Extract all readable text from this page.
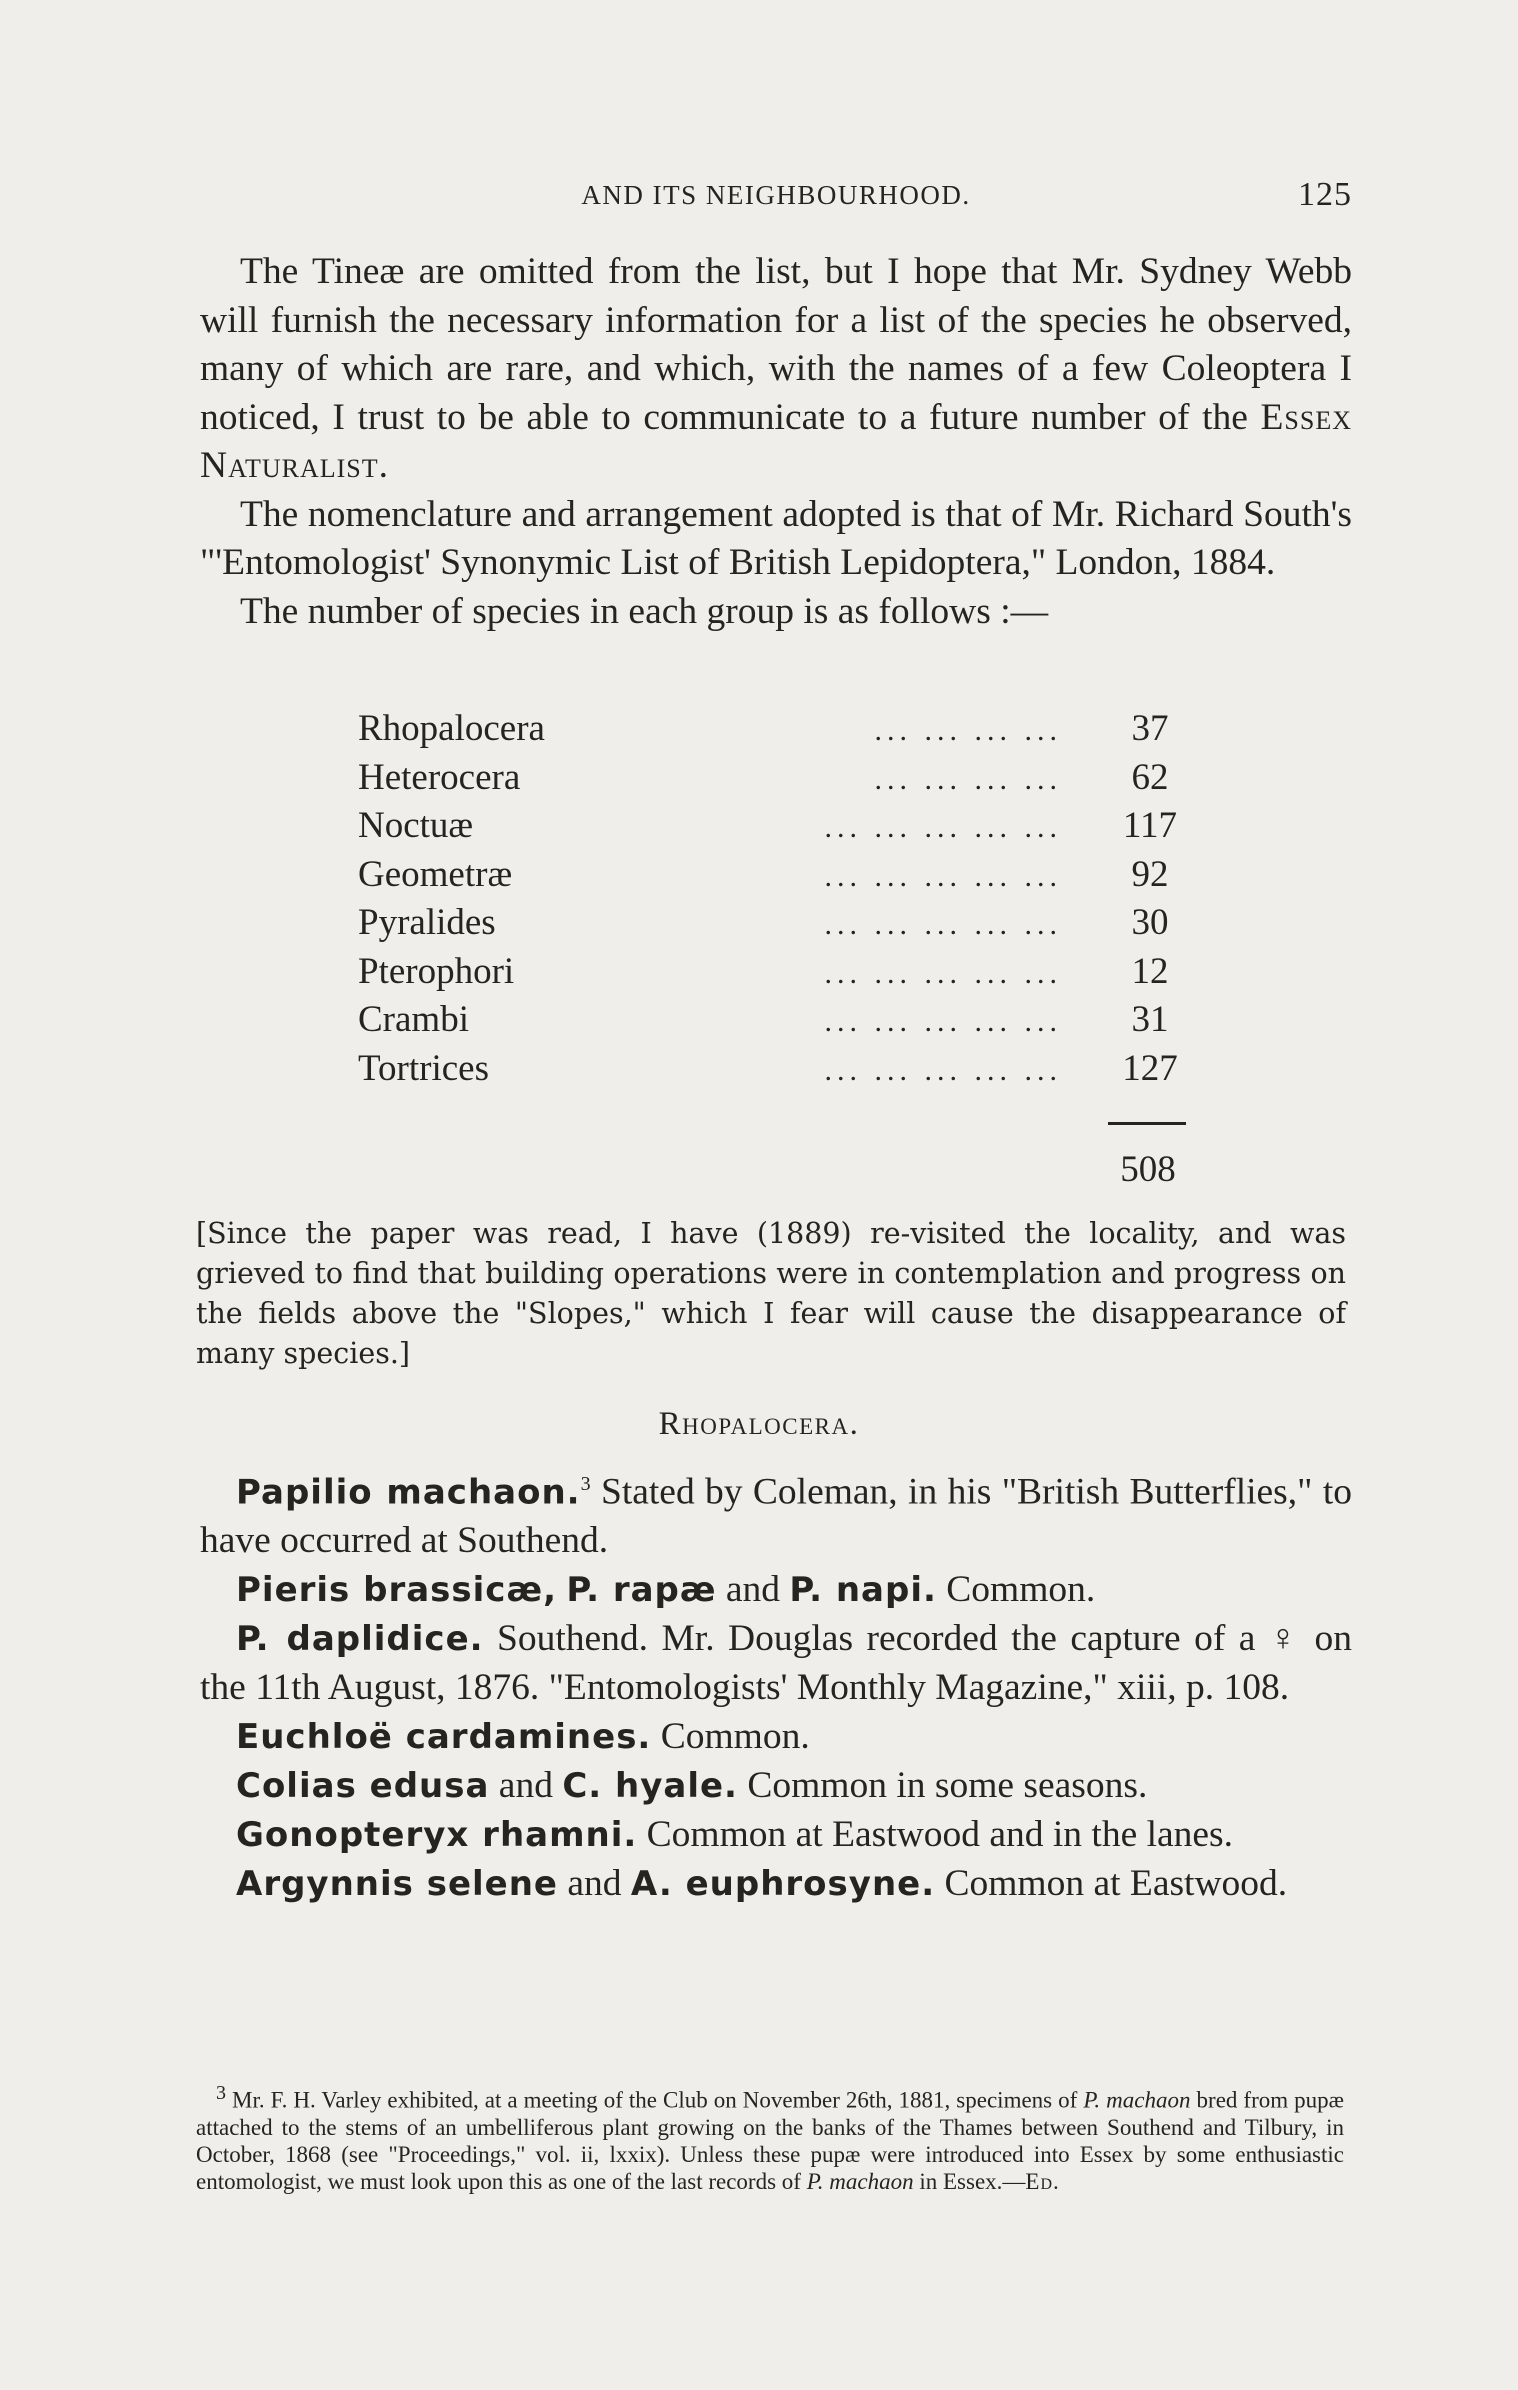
AND ITS NEIGHBOURHOOD.	125

The Tineæ are omitted from the list, but I hope that Mr. Sydney Webb will furnish the necessary information for a list of the species he observed, many of which are rare, and which, with the names of a few Coleoptera I noticed, I trust to be able to communicate to a future number of the Essex Naturalist.

The nomenclature and arrangement adopted is that of Mr. Richard South's "'Entomologist' Synonymic List of British Lepidoptera," London, 1884.

The number of species in each group is as follows :—

Rhopalocera	... ... ... ...	37
Heterocera	... ... ... ...	62
Noctuæ	... ... ... ... ...	117
Geometræ	... ... ... ... ...	92
Pyralides	... ... ... ... ...	30
Pterophori	... ... ... ... ...	12
Crambi	... ... ... ... ...	31
Tortrices	... ... ... ... ...	127
508

[Since the paper was read, I have (1889) re-visited the locality, and was grieved to find that building operations were in contemplation and progress on the fields above the "Slopes," which I fear will cause the disappearance of many species.]

Rhopalocera.

Papilio machaon.$^3$ Stated by Coleman, in his "British Butterflies," to have occurred at Southend.

Pieris brassicæ, P. rapæ and P. napi. Common.

P. daplidice. Southend. Mr. Douglas recorded the capture of a ♀ on the 11th August, 1876. "Entomologists' Monthly Magazine," xiii, p. 108.

Euchloë cardamines. Common.

Colias edusa and C. hyale. Common in some seasons.

Gonopteryx rhamni. Common at Eastwood and in the lanes.

Argynnis selene and A. euphrosyne. Common at Eastwood.

3 Mr. F. H. Varley exhibited, at a meeting of the Club on November 26th, 1881, specimens of P. machaon bred from pupæ attached to the stems of an umbelliferous plant growing on the banks of the Thames between Southend and Tilbury, in October, 1868 (see "Proceedings," vol. ii, lxxix). Unless these pupæ were introduced into Essex by some enthusiastic entomologist, we must look upon this as one of the last records of P. machaon in Essex.—Ed.
